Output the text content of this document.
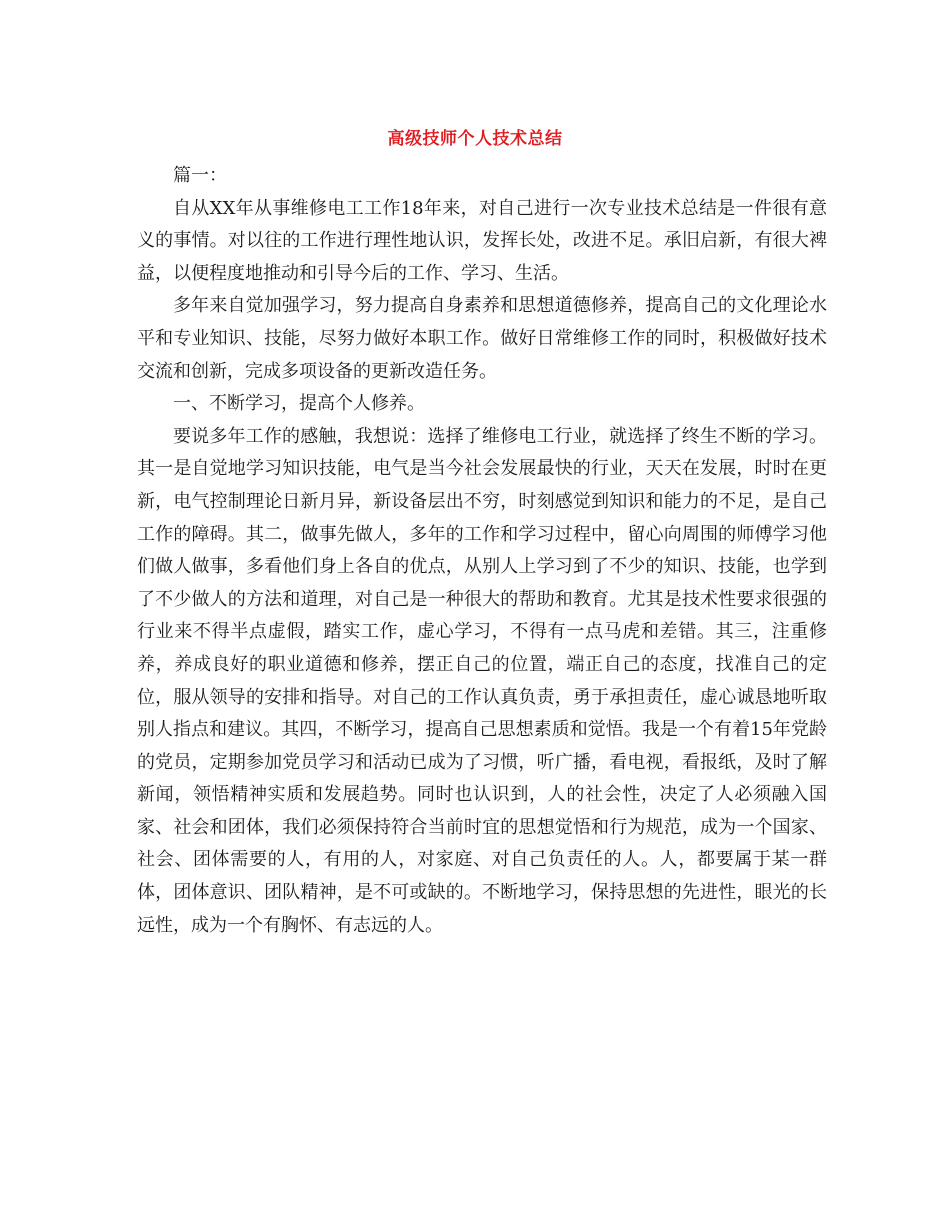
高级技师个人技术总结

篇一：

自从XX年从事维修电工工作18年来，对自己进行一次专业技术总结是一件很有意义的事情。对以往的工作进行理性地认识，发挥长处，改进不足。承旧启新，有很大裨益，以便程度地推动和引导今后的工作、学习、生活。

多年来自觉加强学习，努力提高自身素养和思想道德修养，提高自己的文化理论水平和专业知识、技能，尽努力做好本职工作。做好日常维修工作的同时，积极做好技术交流和创新，完成多项设备的更新改造任务。

一、不断学习，提高个人修养。

要说多年工作的感触，我想说：选择了维修电工行业，就选择了终生不断的学习。其一是自觉地学习知识技能，电气是当今社会发展最快的行业，天天在发展，时时在更新，电气控制理论日新月异，新设备层出不穷，时刻感觉到知识和能力的不足，是自己工作的障碍。其二，做事先做人，多年的工作和学习过程中，留心向周围的师傅学习他们做人做事，多看他们身上各自的优点，从别人上学习到了不少的知识、技能，也学到了不少做人的方法和道理，对自己是一种很大的帮助和教育。尤其是技术性要求很强的行业来不得半点虚假，踏实工作，虚心学习，不得有一点马虎和差错。其三，注重修养，养成良好的职业道德和修养，摆正自己的位置，端正自己的态度，找准自己的定位，服从领导的安排和指导。对自己的工作认真负责，勇于承担责任，虚心诚恳地听取别人指点和建议。其四，不断学习，提高自己思想素质和觉悟。我是一个有着15年党龄的党员，定期参加党员学习和活动已成为了习惯，听广播，看电视，看报纸，及时了解新闻，领悟精神实质和发展趋势。同时也认识到，人的社会性，决定了人必须融入国家、社会和团体，我们必须保持符合当前时宜的思想觉悟和行为规范，成为一个国家、社会、团体需要的人，有用的人，对家庭、对自己负责任的人。人，都要属于某一群体，团体意识、团队精神，是不可或缺的。不断地学习，保持思想的先进性，眼光的长远性，成为一个有胸怀、有志远的人。
